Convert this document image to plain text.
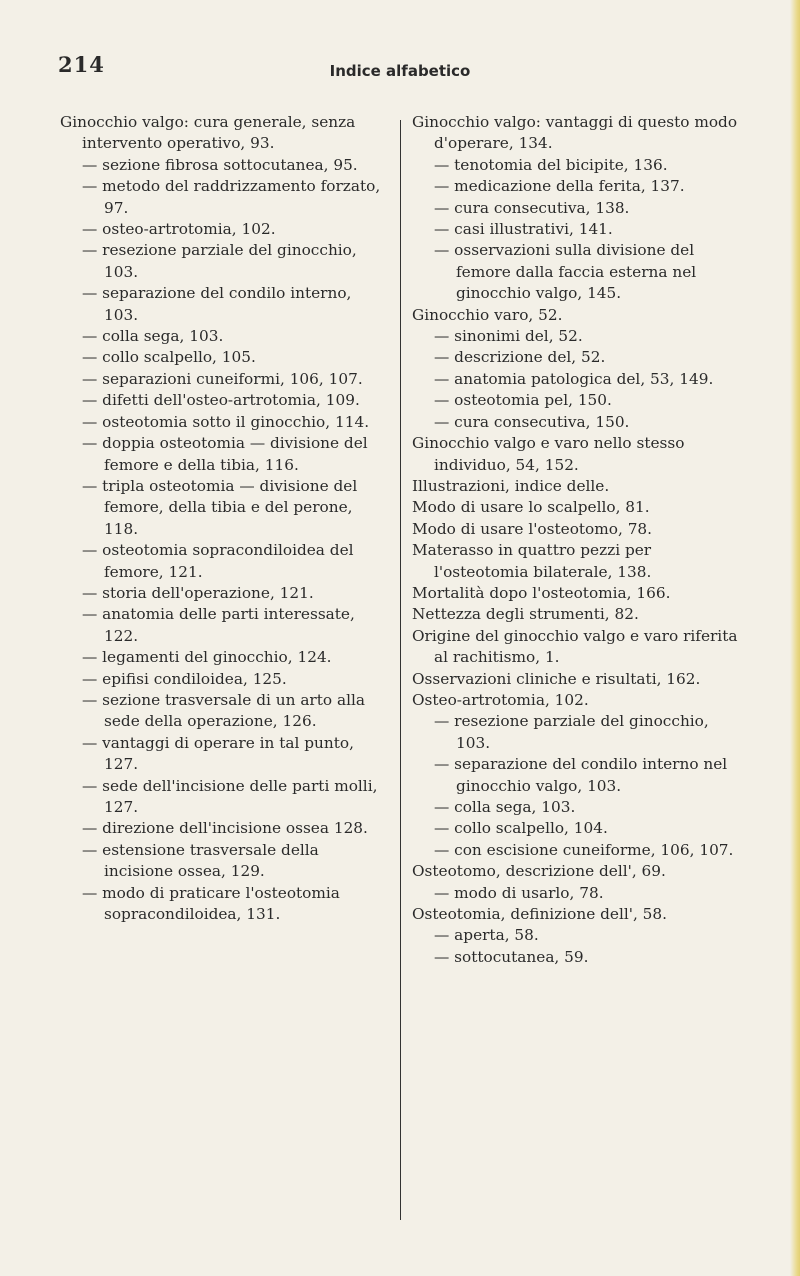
214	Indice alfabetico

Ginocchio valgo: cura generale, senza intervento operativo, 93.

— sezione fibrosa sottocutanea, 95.

— metodo del raddrizzamento forzato, 97.

— osteo-artrotomia, 102.

— resezione parziale del ginocchio, 103.

— separazione del condilo interno, 103.

— colla sega, 103.

— collo scalpello, 105.

— separazioni cuneiformi, 106, 107.

— difetti dell'osteo-artrotomia, 109.

— osteotomia sotto il ginocchio, 114.

— doppia osteotomia — divisione del femore e della tibia, 116.

— tripla osteotomia — divisione del femore, della tibia e del perone, 118.

— osteotomia sopracondiloidea del femore, 121.

— storia dell'operazione, 121.

— anatomia delle parti interessate, 122.

— legamenti del ginocchio, 124.

— epifisi condiloidea, 125.

— sezione trasversale di un arto alla sede della operazione, 126.

— vantaggi di operare in tal punto, 127.

— sede dell'incisione delle parti molli, 127.

— direzione dell'incisione ossea 128.

— estensione trasversale della incisione ossea, 129.

— modo di praticare l'osteotomia sopracondiloidea, 131.

Ginocchio valgo: vantaggi di questo modo d'operare, 134.

— tenotomia del bicipite, 136.

— medicazione della ferita, 137.

— cura consecutiva, 138.

— casi illustrativi, 141.

— osservazioni sulla divisione del femore dalla faccia esterna nel ginocchio valgo, 145.

Ginocchio varo, 52.

— sinonimi del, 52.

— descrizione del, 52.

— anatomia patologica del, 53, 149.

— osteotomia pel, 150.

— cura consecutiva, 150.

Ginocchio valgo e varo nello stesso individuo, 54, 152.

Illustrazioni, indice delle.

Modo di usare lo scalpello, 81.

Modo di usare l'osteotomo, 78.

Materasso in quattro pezzi per l'osteotomia bilaterale, 138.

Mortalità dopo l'osteotomia, 166.

Nettezza degli strumenti, 82.

Origine del ginocchio valgo e varo riferita al rachitismo, 1.

Osservazioni cliniche e risultati, 162.

Osteo-artrotomia, 102.

— resezione parziale del ginocchio, 103.

— separazione del condilo interno nel ginocchio valgo, 103.

— colla sega, 103.

— collo scalpello, 104.

— con escisione cuneiforme, 106, 107.

Osteotomo, descrizione dell', 69.

— modo di usarlo, 78.

Osteotomia, definizione dell', 58.

— aperta, 58.

— sottocutanea, 59.
